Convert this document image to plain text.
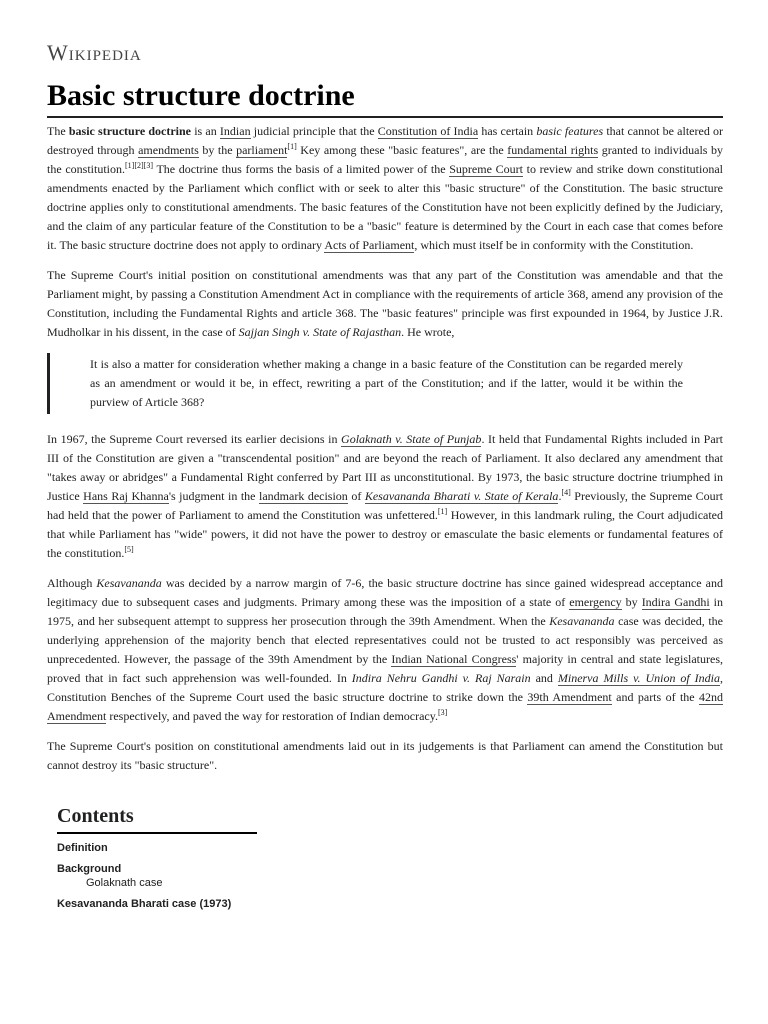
Wikipedia
Basic structure doctrine

The basic structure doctrine is an Indian judicial principle that the Constitution of India has certain basic features that cannot be altered or destroyed through amendments by the parliament[1] Key among these "basic features", are the fundamental rights granted to individuals by the constitution.[1][2][3] The doctrine thus forms the basis of a limited power of the Supreme Court to review and strike down constitutional amendments enacted by the Parliament which conflict with or seek to alter this "basic structure" of the Constitution. The basic structure doctrine applies only to constitutional amendments. The basic features of the Constitution have not been explicitly defined by the Judiciary, and the claim of any particular feature of the Constitution to be a "basic" feature is determined by the Court in each case that comes before it. The basic structure doctrine does not apply to ordinary Acts of Parliament, which must itself be in conformity with the Constitution.

The Supreme Court's initial position on constitutional amendments was that any part of the Constitution was amendable and that the Parliament might, by passing a Constitution Amendment Act in compliance with the requirements of article 368, amend any provision of the Constitution, including the Fundamental Rights and article 368. The "basic features" principle was first expounded in 1964, by Justice J.R. Mudholkar in his dissent, in the case of Sajjan Singh v. State of Rajasthan. He wrote,

It is also a matter for consideration whether making a change in a basic feature of the Constitution can be regarded merely as an amendment or would it be, in effect, rewriting a part of the Constitution; and if the latter, would it be within the purview of Article 368?

In 1967, the Supreme Court reversed its earlier decisions in Golaknath v. State of Punjab. It held that Fundamental Rights included in Part III of the Constitution are given a "transcendental position" and are beyond the reach of Parliament. It also declared any amendment that "takes away or abridges" a Fundamental Right conferred by Part III as unconstitutional. By 1973, the basic structure doctrine triumphed in Justice Hans Raj Khanna's judgment in the landmark decision of Kesavananda Bharati v. State of Kerala.[4] Previously, the Supreme Court had held that the power of Parliament to amend the Constitution was unfettered.[1] However, in this landmark ruling, the Court adjudicated that while Parliament has "wide" powers, it did not have the power to destroy or emasculate the basic elements or fundamental features of the constitution.[5]

Although Kesavananda was decided by a narrow margin of 7-6, the basic structure doctrine has since gained widespread acceptance and legitimacy due to subsequent cases and judgments. Primary among these was the imposition of a state of emergency by Indira Gandhi in 1975, and her subsequent attempt to suppress her prosecution through the 39th Amendment. When the Kesavananda case was decided, the underlying apprehension of the majority bench that elected representatives could not be trusted to act responsibly was perceived as unprecedented. However, the passage of the 39th Amendment by the Indian National Congress' majority in central and state legislatures, proved that in fact such apprehension was well-founded. In Indira Nehru Gandhi v. Raj Narain and Minerva Mills v. Union of India, Constitution Benches of the Supreme Court used the basic structure doctrine to strike down the 39th Amendment and parts of the 42nd Amendment respectively, and paved the way for restoration of Indian democracy.[3]

The Supreme Court's position on constitutional amendments laid out in its judgements is that Parliament can amend the Constitution but cannot destroy its "basic structure".

Contents
Definition
Background
Golaknath case
Kesavananda Bharati case (1973)
